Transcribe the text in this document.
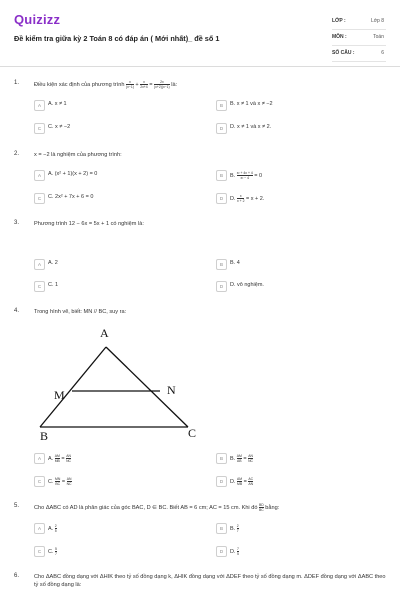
Quizizz
Đề kiểm tra giữa kỳ 2 Toán 8 có đáp án ( Mới nhất)_ đề số 1
LỚP :	Lớp 8
MÔN :	Toán
SỐ CÂU :	6
1.	Điều kiện xác định của phương trình $\frac{x}{(x-1)} + \frac{x}{2x+4} = \frac{2x}{(x+2)(x-1)}$ là:
A	A. x ≠ 1	B	B. x ≠ 1 và x ≠ −2
C	C. x ≠ −2	D	D. x ≠ 1 và x ≠ 2.
2.	x = −2 là nghiệm của phương trình:
A	A. (x² + 1)(x + 2) = 0	B	B. $\frac{\text{x² + 4x + 4}}{\text{x² − 4}} = 0$
C	C. 2x² + 7x + 6 = 0	D	D. $\frac{x}{x + 2} = x + 2$.
3.	Phương trình 12 − 6x = 5x + 1 có nghiệm là:
A	A. 2	B	B. 4
C	C. 1	D	D. vô nghiệm.
4.	Trong hình vẽ, biết: MN // BC, suy ra:
A
M	N
B	C
A	A. $\frac{AM}{MB} = \frac{AN}{NC}$	B	B. $\frac{AM}{AB} = \frac{AN}{NC}$
C	C. $\frac{MN}{BC} = \frac{AN}{NC}$	D	D. $\frac{AM}{MB} = \frac{AC}{AN}$
5.	Cho ΔABC có AD là phân giác của góc BAC, D ∈ BC. Biết AB = 6 cm; AC = 15 cm. Khi đó $\frac{BD}{BC}$ bằng:
A	A. $\frac{2}{5}$	B	B. $\frac{2}{7}$
C	C. $\frac{5}{7}$	D	D. $\frac{7}{5}$
6.	Cho ΔABC đồng dạng với ΔHIK theo tỷ số đồng dạng k, ΔHIK đồng dạng với ΔDEF theo tỷ số đồng dạng m. ΔDEF đồng dạng với ΔABC theo tỷ số đồng dạng là:
